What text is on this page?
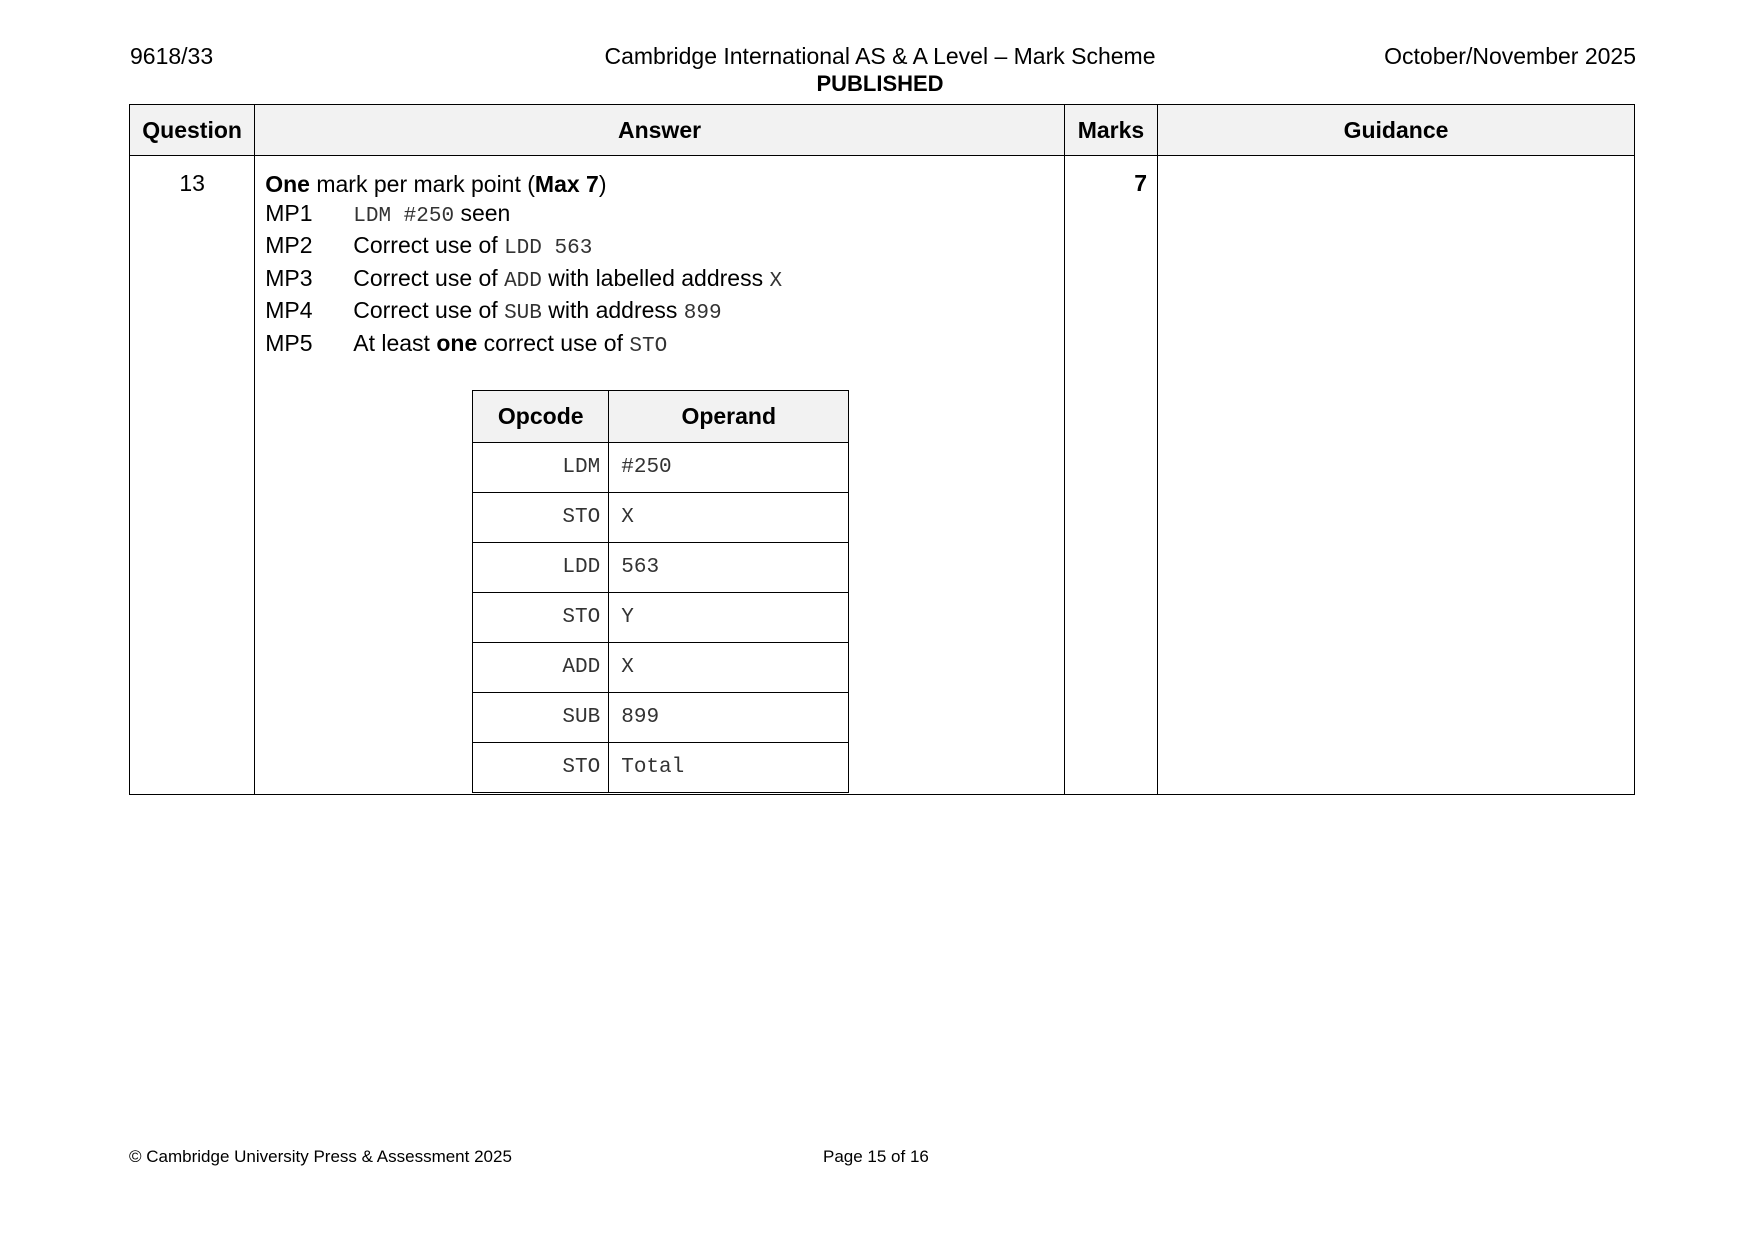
9618/33	Cambridge International AS & A Level – Mark Scheme
PUBLISHED
October/November 2025
Question	Answer	Marks	Guidance
13	One mark per mark point (Max 7)
MP1 LDM #250 seen
MP2 Correct use of LDD 563
MP3 Correct use of ADD with labelled address X
MP4 Correct use of SUB with address 899
MP5 At least one correct use of STO
Opcode	Operand
LDM	#250
STO	X
LDD	563
STO	Y
ADD	X
SUB	899
STO	Total
	7	
© Cambridge University Press & Assessment 2025	Page 15 of 16
